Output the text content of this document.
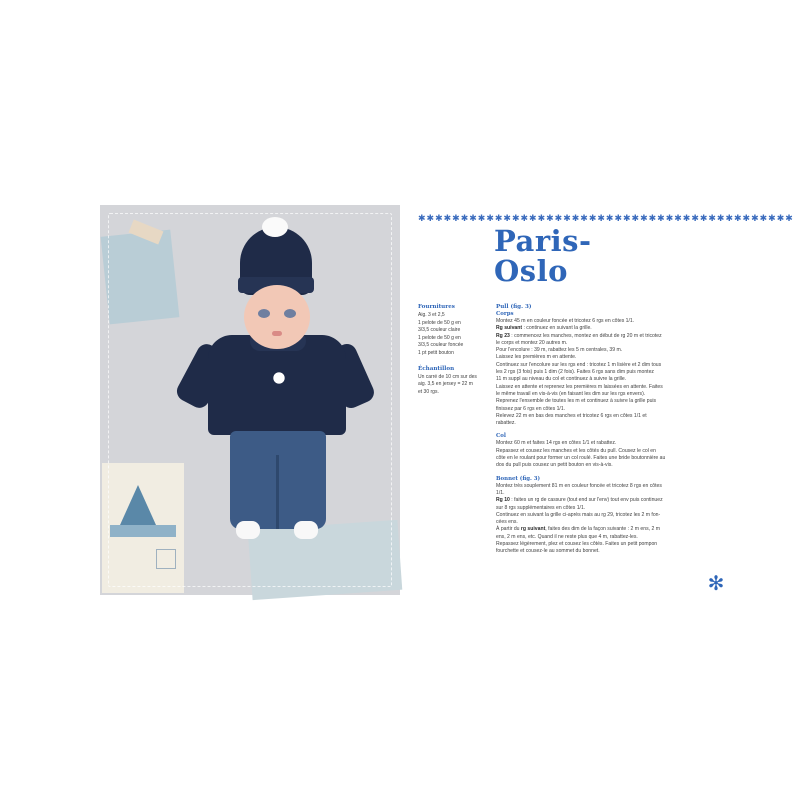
✱✱✱✱✱✱✱✱✱✱✱✱✱✱✱✱✱✱✱✱✱✱✱✱✱✱✱✱✱✱✱✱✱✱✱✱✱✱✱✱✱✱✱✱
Paris-
Oslo
Fournitures
Aig. 3 et 2,5
1 pelote de 50 g en
3/3,5 couleur claire
1 pelote de 50 g en
3/3,5 couleur foncée
1 pt petit bouton
Échantillon
Un carré de 10 cm sur des
aig. 3,5 en jersey = 22 m
et 30 rgs.
Pull (fig. 3)
Corps

Montez 45 m en couleur foncée et tricotez 6 rgs en côtes 1/1.

Rg suivant : continuez en suivant la grille.

Rg 23 : commencez les manches, montez en début de rg 20 m et tricotez

le corps et montez 20 autres m.

Pour l'encolure : 39 m, rabattez les 5 m centrales, 39 m.

Laissez les premières m en attente.

Continuez sur l'encolure sur les rgs end : tricotez 1 m lisière et 2 dim tous

les 2 rgs (3 fois) puis 1 dim (2 fois). Faites 6 rgs sans dim puis montez

11 m suppl au niveau du col et continuez à suivre la grille.

Laissez en attente et reprenez les premières m laissées en attente. Faites

le même travail en vis-à-vis (en faisant les dim sur les rgs envers).

Reprenez l'ensemble de toutes les m et continuez à suivre la grille puis

finissez par 6 rgs en côtes 1/1.

Relevez 22 m en bas des manches et tricotez 6 rgs en côtes 1/1 et

rabattez.

Col

Montez 60 m et faites 14 rgs en côtes 1/1 et rabattez.

Repassez et cousez les manches et les côtés du pull. Cousez le col en

côte en le roulant pour former un col roulé. Faites une bride boutonnière au

dos du pull puis cousez un petit bouton en vis-à-vis.

Bonnet (fig. 3)

Montez très souplement 81 m en couleur foncée et tricotez 8 rgs en côtes

1/1.

Rg 10 : faites un rg de cassure (tout end sur l'env) tout env puis continuez

sur 8 rgs supplémentaires en côtes 1/1.

Continuez en suivant la grille ci-après mais au rg 29, tricotez les 2 m fon-

cées ens.

À partir du rg suivant, faites des dim de la façon suivante : 2 m ens, 2 m

ens, 2 m ens, etc. Quand il ne reste plus que 4 m, rabattez-les.

Repassez légèrement, plez et cousez les côtés. Faites un petit pompon

fourchette et cousez-le au sommet du bonnet.

✻
